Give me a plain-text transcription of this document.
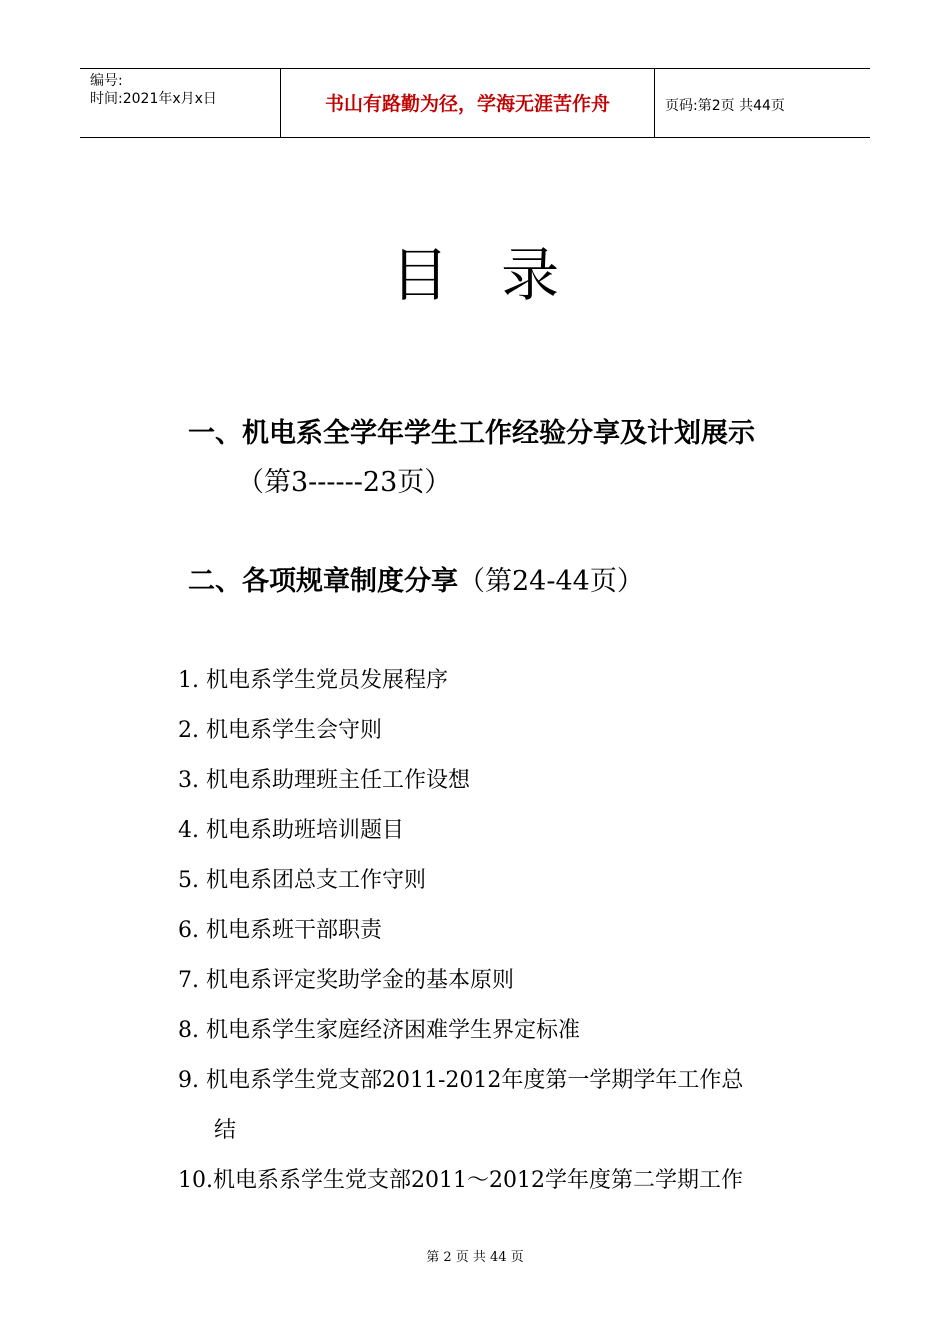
编号:
时间:2021年x月x日	书山有路勤为径，学海无涯苦作舟	页码:第2页 共44页
目录
一、机电系全学年学生工作经验分享及计划展示
（第3------23页）
二、各项规章制度分享（第24-44页）
1. 机电系学生党员发展程序
2. 机电系学生会守则
3. 机电系助理班主任工作设想
4. 机电系助班培训题目
5. 机电系团总支工作守则
6. 机电系班干部职责
7. 机电系评定奖助学金的基本原则
8. 机电系学生家庭经济困难学生界定标准
9. 机电系学生党支部2011-2012年度第一学期学年工作总
结
10.机电系系学生党支部2011～2012学年度第二学期工作
第 2 页 共 44 页
